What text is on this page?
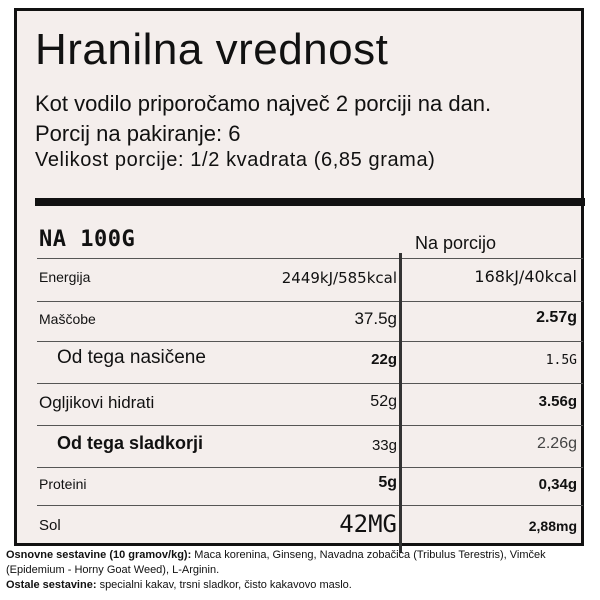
Hranilna vrednost
Kot vodilo priporočamo največ 2 porciji na dan.
Porcij na pakiranje: 6
Velikost porcije: 1/2 kvadrata (6,85 grama)
NA 100G	Na porcijo
Energija	2449kJ/585kcal	168kJ/40kcal
Maščobe	37.5g	2.57g
Od tega nasičene	22g	1.5G
Ogljikovi hidrati	52g	3.56g
Od tega sladkorji	33g	2.26g
Proteini	5g	0,34g
Sol	42MG	2,88mg
Osnovne sestavine (10 gramov/kg): Maca korenina, Ginseng, Navadna zobačica (Tribulus Terestris), Vimček (Epidemium - Horny Goat Weed), L-Arginin.
Ostale sestavine: specialni kakav, trsni sladkor, čisto kakavovo maslo.
